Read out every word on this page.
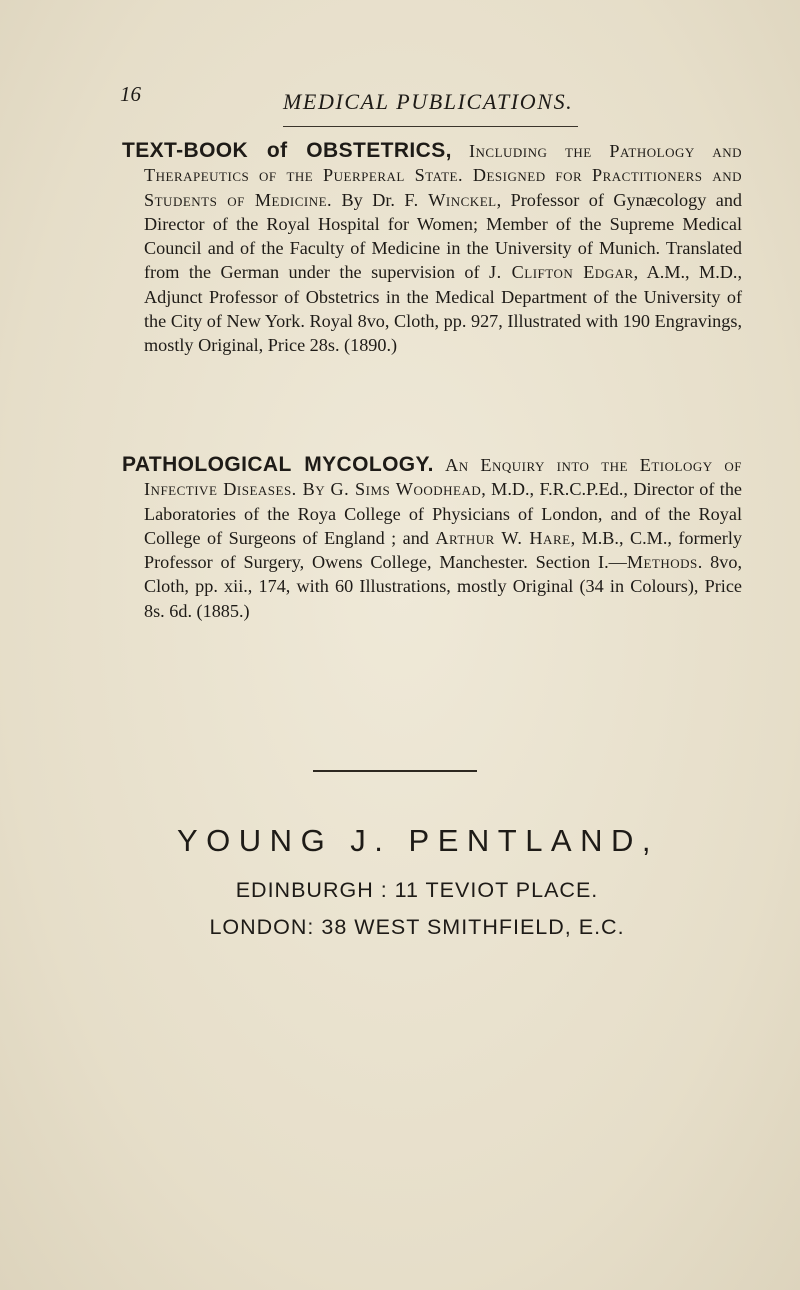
16	MEDICAL PUBLICATIONS.

TEXT-BOOK of OBSTETRICS, Including the Pathology and Therapeutics of the Puerperal State. Designed for Practitioners and Students of Medicine. By Dr. F. Winckel, Professor of Gynæcology and Director of the Royal Hospital for Women; Member of the Supreme Medical Council and of the Faculty of Medicine in the University of Munich. Translated from the German under the supervision of J. Clifton Edgar, A.M., M.D., Adjunct Professor of Obstetrics in the Medical Department of the University of the City of New York. Royal 8vo, Cloth, pp. 927, Illustrated with 190 Engravings, mostly Original, Price 28s. (1890.)

PATHOLOGICAL MYCOLOGY. An Enquiry into the Etiology of Infective Diseases. By G. Sims Woodhead, M.D., F.R.C.P.Ed., Director of the Laboratories of the Roya College of Physicians of London, and of the Royal College of Surgeons of England ; and Arthur W. Hare, M.B., C.M., formerly Professor of Surgery, Owens College, Manchester. Section I.—Methods. 8vo, Cloth, pp. xii., 174, with 60 Illustrations, mostly Original (34 in Colours), Price 8s. 6d. (1885.)

YOUNG J. PENTLAND,
EDINBURGH : 11 TEVIOT PLACE.
LONDON: 38 WEST SMITHFIELD, E.C.
